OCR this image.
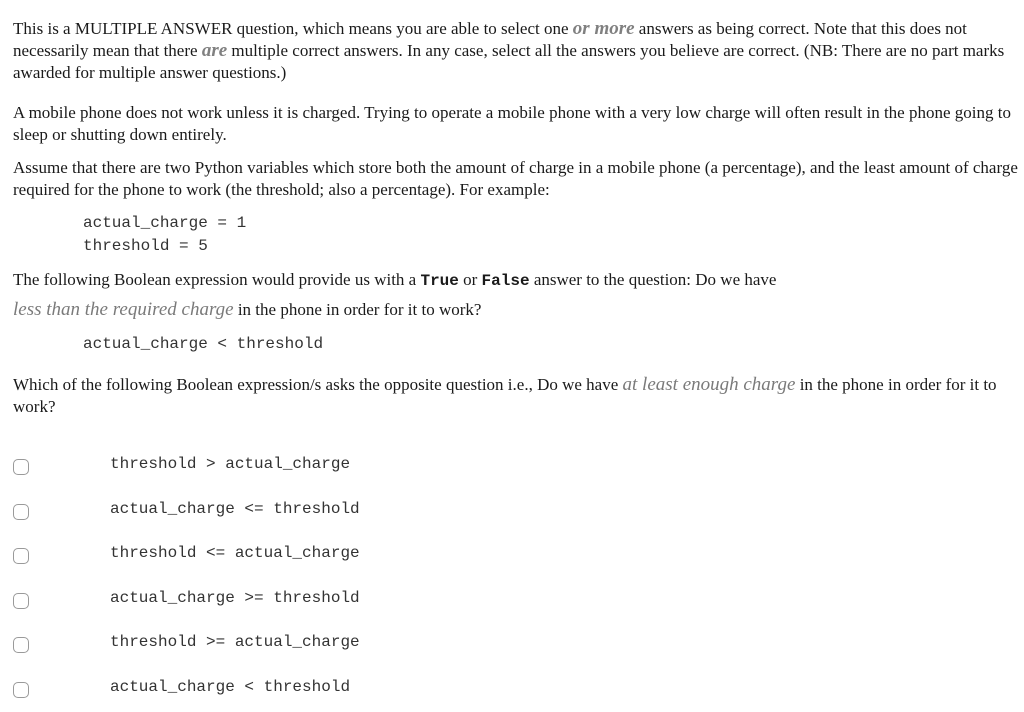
This is a MULTIPLE ANSWER question, which means you are able to select one or more answers as being correct. Note that this does not necessarily mean that there are multiple correct answers. In any case, select all the answers you believe are correct. (NB: There are no part marks awarded for multiple answer questions.)

A mobile phone does not work unless it is charged. Trying to operate a mobile phone with a very low charge will often result in the phone going to sleep or shutting down entirely.

Assume that there are two Python variables which store both the amount of charge in a mobile phone (a percentage), and the least amount of charge required for the phone to work (the threshold; also a percentage). For example:

actual_charge = 1
threshold = 5

The following Boolean expression would provide us with a True or False answer to the question: Do we have

less than the required charge in the phone in order for it to work?

actual_charge < threshold

Which of the following Boolean expression/s asks the opposite question i.e., Do we have at least enough charge in the phone in order for it to work?

threshold > actual_charge
actual_charge <= threshold
threshold <= actual_charge
actual_charge >= threshold
threshold >= actual_charge
actual_charge < threshold
